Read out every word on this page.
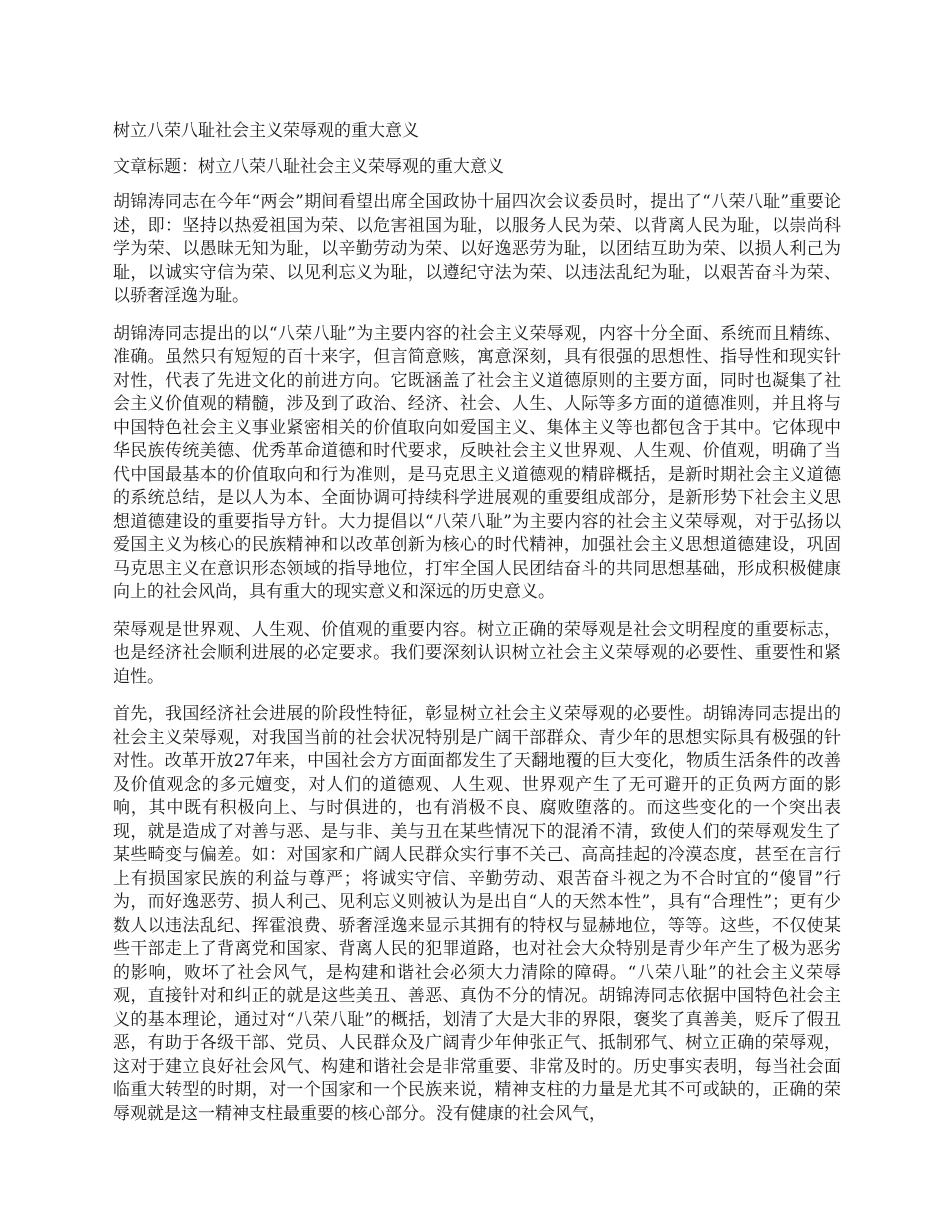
树立八荣八耻社会主义荣辱观的重大意义

文章标题：树立八荣八耻社会主义荣辱观的重大意义

胡锦涛同志在今年“两会”期间看望出席全国政协十届四次会议委员时，提出了“八荣八耻”重要论述，即：坚持以热爱祖国为荣、以危害祖国为耻，以服务人民为荣、以背离人民为耻，以崇尚科学为荣、以愚昧无知为耻，以辛勤劳动为荣、以好逸恶劳为耻，以团结互助为荣、以损人利己为耻，以诚实守信为荣、以见利忘义为耻，以遵纪守法为荣、以违法乱纪为耻，以艰苦奋斗为荣、以骄奢淫逸为耻。

胡锦涛同志提出的以“八荣八耻”为主要内容的社会主义荣辱观，内容十分全面、系统而且精练、准确。虽然只有短短的百十来字，但言简意赅，寓意深刻，具有很强的思想性、指导性和现实针对性，代表了先进文化的前进方向。它既涵盖了社会主义道德原则的主要方面，同时也凝集了社会主义价值观的精髓，涉及到了政治、经济、社会、人生、人际等多方面的道德准则，并且将与中国特色社会主义事业紧密相关的价值取向如爱国主义、集体主义等也都包含于其中。它体现中华民族传统美德、优秀革命道德和时代要求，反映社会主义世界观、人生观、价值观，明确了当代中国最基本的价值取向和行为准则，是马克思主义道德观的精辟概括，是新时期社会主义道德的系统总结，是以人为本、全面协调可持续科学进展观的重要组成部分，是新形势下社会主义思想道德建设的重要指导方针。大力提倡以“八荣八耻”为主要内容的社会主义荣辱观，对于弘扬以爱国主义为核心的民族精神和以改革创新为核心的时代精神，加强社会主义思想道德建设，巩固马克思主义在意识形态领域的指导地位，打牢全国人民团结奋斗的共同思想基础，形成积极健康向上的社会风尚，具有重大的现实意义和深远的历史意义。

荣辱观是世界观、人生观、价值观的重要内容。树立正确的荣辱观是社会文明程度的重要标志，也是经济社会顺利进展的必定要求。我们要深刻认识树立社会主义荣辱观的必要性、重要性和紧迫性。

首先，我国经济社会进展的阶段性特征，彰显树立社会主义荣辱观的必要性。胡锦涛同志提出的社会主义荣辱观，对我国当前的社会状况特别是广阔干部群众、青少年的思想实际具有极强的针对性。改革开放27年来，中国社会方方面面都发生了天翻地覆的巨大变化，物质生活条件的改善及价值观念的多元嬗变，对人们的道德观、人生观、世界观产生了无可避开的正负两方面的影响，其中既有积极向上、与时俱进的，也有消极不良、腐败堕落的。而这些变化的一个突出表现，就是造成了对善与恶、是与非、美与丑在某些情况下的混淆不清，致使人们的荣辱观发生了某些畸变与偏差。如：对国家和广阔人民群众实行事不关己、高高挂起的冷漠态度，甚至在言行上有损国家民族的利益与尊严；将诚实守信、辛勤劳动、艰苦奋斗视之为不合时宜的“傻冒”行为，而好逸恶劳、损人利己、见利忘义则被认为是出自“人的天然本性”，具有“合理性”；更有少数人以违法乱纪、挥霍浪费、骄奢淫逸来显示其拥有的特权与显赫地位，等等。这些，不仅使某些干部走上了背离党和国家、背离人民的犯罪道路，也对社会大众特别是青少年产生了极为恶劣的影响，败坏了社会风气，是构建和谐社会必须大力清除的障碍。“八荣八耻”的社会主义荣辱观，直接针对和纠正的就是这些美丑、善恶、真伪不分的情况。胡锦涛同志依据中国特色社会主义的基本理论，通过对“八荣八耻”的概括，划清了大是大非的界限，褒奖了真善美，贬斥了假丑恶，有助于各级干部、党员、人民群众及广阔青少年伸张正气、抵制邪气、树立正确的荣辱观，这对于建立良好社会风气、构建和谐社会是非常重要、非常及时的。历史事实表明，每当社会面临重大转型的时期，对一个国家和一个民族来说，精神支柱的力量是尤其不可或缺的，正确的荣辱观就是这一精神支柱最重要的核心部分。没有健康的社会风气，
